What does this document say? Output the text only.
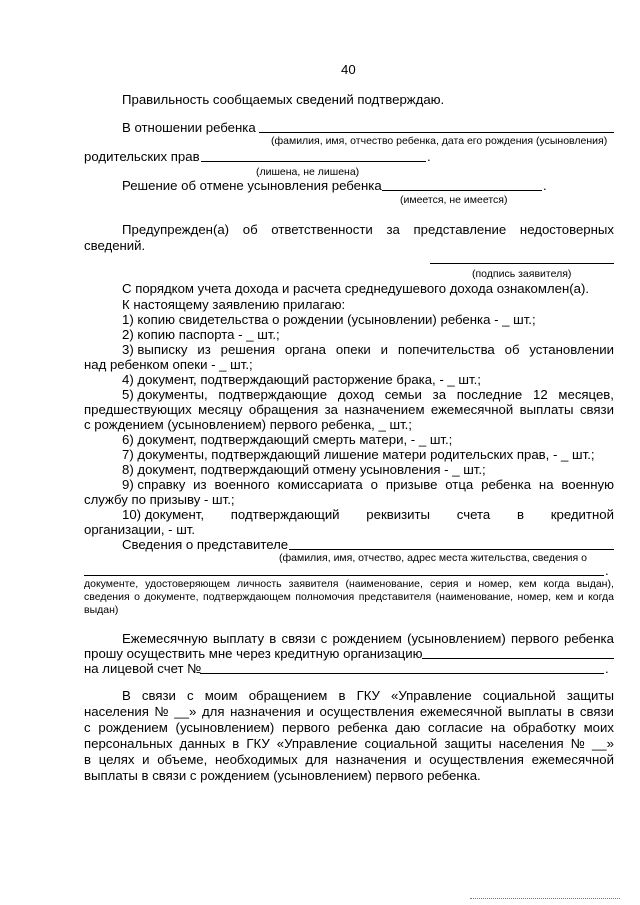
40
Правильность сообщаемых сведений подтверждаю.
В отношении ребенка
(фамилия, имя, отчество ребенка, дата его рождения (усыновления)
родительских прав	.
(лишена, не лишена)
Решение об отмене усыновления ребенка	.
(имеется, не имеется)
Предупрежден(а) об ответственности за представление недостоверных
сведений.
(подпись заявителя)
С порядком учета дохода и расчета среднедушевого дохода ознакомлен(а).
К настоящему заявлению прилагаю:
1) копию свидетельства о рождении (усыновлении) ребенка - _ шт.;
2) копию паспорта - _ шт.;
3) выписку из решения органа опеки и попечительства об установлении
над ребенком опеки - _ шт.;
4) документ, подтверждающий расторжение брака, - _ шт.;
5) документы, подтверждающие доход семьи за последние 12 месяцев,
предшествующих месяцу обращения за назначением ежемесячной выплаты связи
с рождением (усыновлением) первого ребенка, _ шт.;
6) документ, подтверждающий смерть матери, - _ шт.;
7) документы, подтверждающий лишение матери родительских прав, - _ шт.;
8) документ, подтверждающий отмену усыновления - _ шт.;
9) справку из военного комиссариата о призыве отца ребенка на военную
службу по призыву - шт.;
10) документ, подтверждающий реквизиты счета в кредитной
организации, - шт.
Сведения о представителе
(фамилия, имя, отчество, адрес места жительства, сведения о
.
документе, удостоверяющем личность заявителя (наименование, серия и номер, кем когда выдан),
сведения о документе, подтверждающем полномочия представителя (наименование, номер, кем и когда
выдан)
Ежемесячную выплату в связи с рождением (усыновлением) первого ребенка
прошу осуществить мне через кредитную организацию
на лицевой счет №	.
В связи с моим обращением в ГКУ «Управление социальной защиты
населения № __» для назначения и осуществления ежемесячной выплаты в связи
с рождением (усыновлением) первого ребенка даю согласие на обработку моих
персональных данных в ГКУ «Управление социальной защиты населения № __»
в целях и объеме, необходимых для назначения и осуществления ежемесячной
выплаты в связи с рождением (усыновлением) первого ребенка.
